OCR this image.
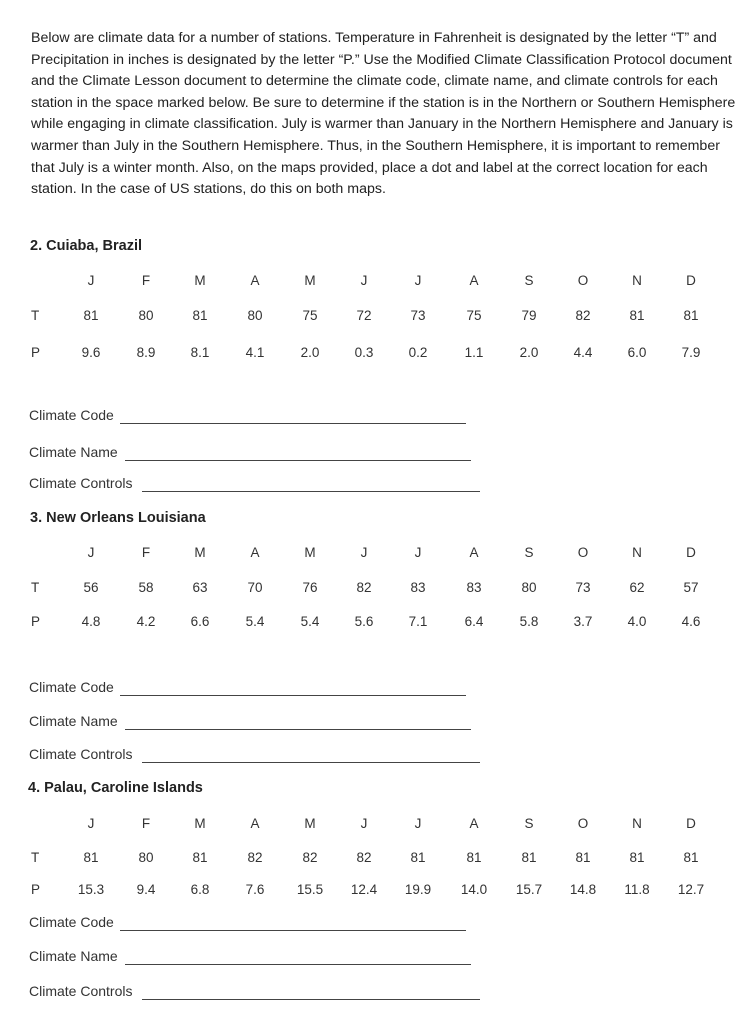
Below are climate data for a number of stations. Temperature in Fahrenheit is designated by the letter “T” and Precipitation in inches is designated by the letter “P.” Use the Modified Climate Classification Protocol document and the Climate Lesson document to determine the climate code, climate name, and climate controls for each station in the space marked below. Be sure to determine if the station is in the Northern or Southern Hemisphere while engaging in climate classification. July is warmer than January in the Northern Hemisphere and January is warmer than July in the Southern Hemisphere. Thus, in the Southern Hemisphere, it is important to remember that July is a winter month. Also, on the maps provided, place a dot and label at the correct location for each station. In the case of US stations, do this on both maps.

2. Cuiaba, Brazil
J	F	M	A	M	J	J	A	S	O	N	D
T	81	80	81	80	75	72	73	75	79	82	81	81
P	9.6	8.9	8.1	4.1	2.0	0.3	0.2	1.1	2.0	4.4	6.0	7.9
Climate Code
Climate Name
Climate Controls
3. New Orleans Louisiana
J	F	M	A	M	J	J	A	S	O	N	D
T	56	58	63	70	76	82	83	83	80	73	62	57
P	4.8	4.2	6.6	5.4	5.4	5.6	7.1	6.4	5.8	3.7	4.0	4.6
Climate Code
Climate Name
Climate Controls
4. Palau, Caroline Islands
J	F	M	A	M	J	J	A	S	O	N	D
T	81	80	81	82	82	82	81	81	81	81	81	81
P	15.3	9.4	6.8	7.6	15.5	12.4	19.9	14.0	15.7	14.8	11.8	12.7
Climate Code
Climate Name
Climate Controls
